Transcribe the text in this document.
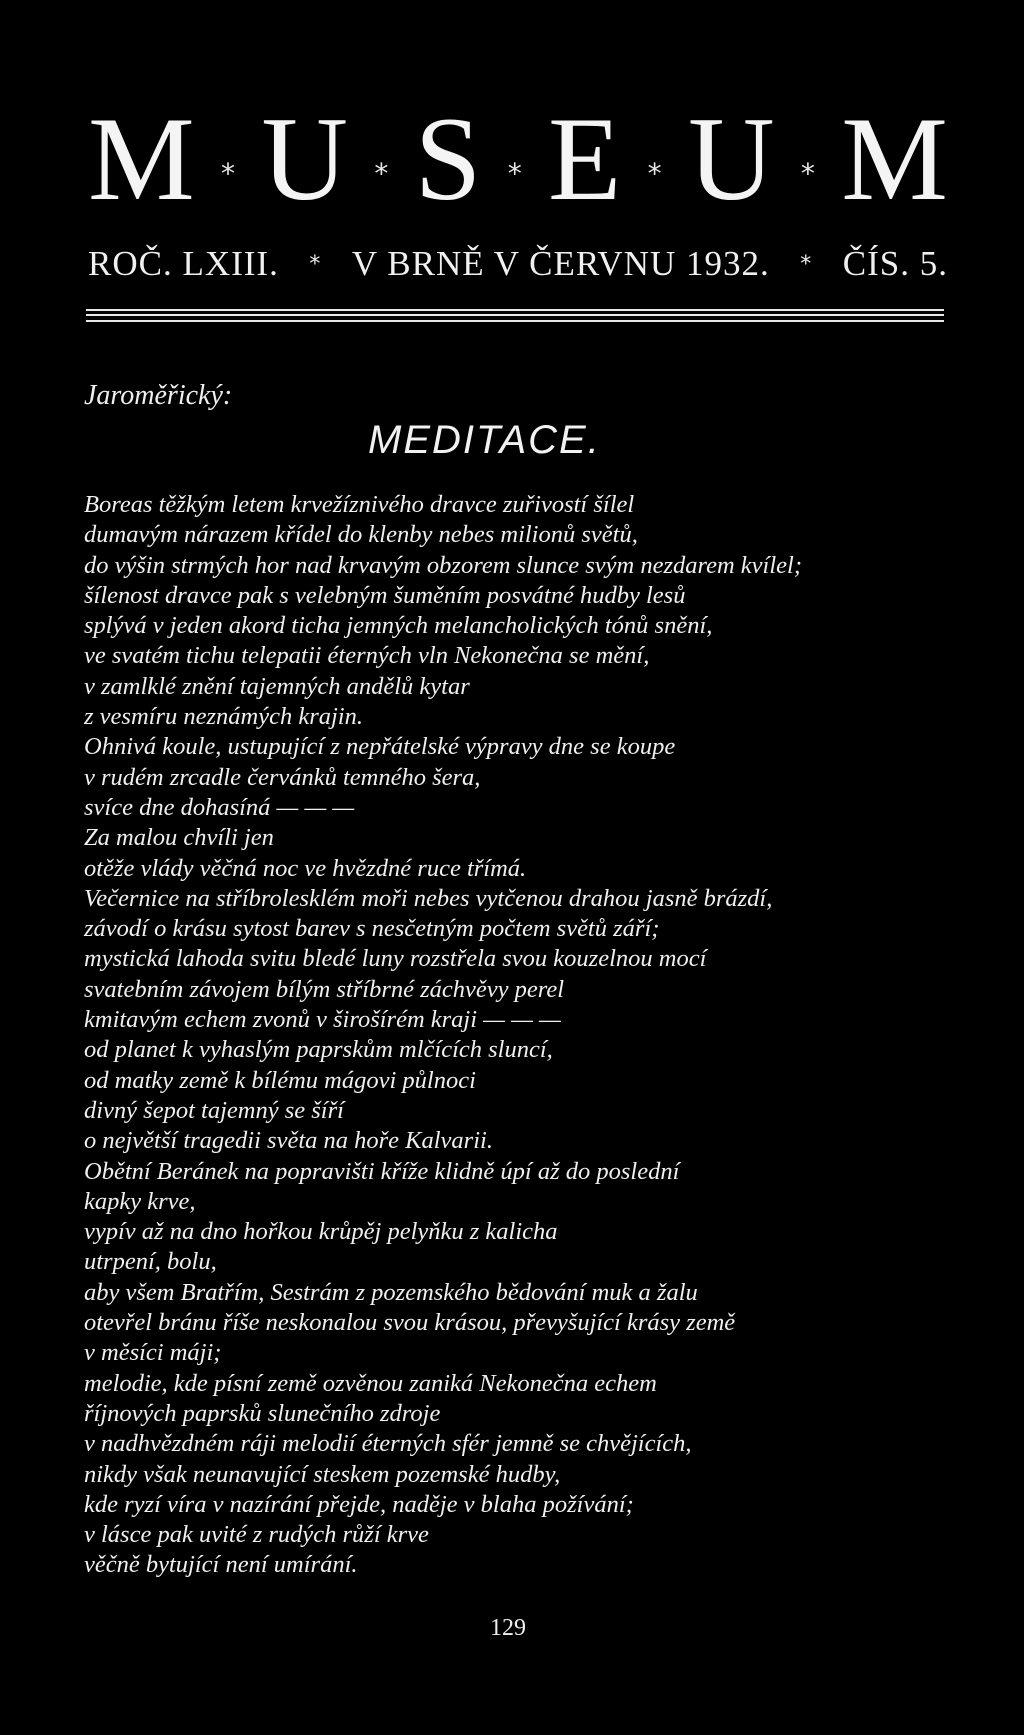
M * U * S * E * U * M
ROČ. LXIII. * V BRNĚ V ČERVNU 1932. * ČÍS. 5.
Jaroměřický:
MEDITACE.
Boreas těžkým letem krvežíznivého dravce zuřivostí šílel
dumavým nárazem křídel do klenby nebes milionů světů,
do výšin strmých hor nad krvavým obzorem slunce svým nezdarem kvílel;
šílenost dravce pak s velebným šuměním posvátné hudby lesů
splývá v jeden akord ticha jemných melancholických tónů snění,
ve svatém tichu telepatii éterných vln Nekonečna se mění,
v zamlklé znění tajemných andělů kytar
z vesmíru neznámých krajin.
Ohnivá koule, ustupující z nepřátelské výpravy dne se koupe
v rudém zrcadle červánků temného šera,
svíce dne dohasíná — — —
Za malou chvíli jen
otěže vlády věčná noc ve hvězdné ruce třímá.
Večernice na stříbrolesklém moři nebes vytčenou drahou jasně brázdí,
závodí o krásu sytost barev s nesčetným počtem světů září;
mystická lahoda svitu bledé luny rozstřela svou kouzelnou mocí
svatebním závojem bílým stříbrné záchvěvy perel
kmitavým echem zvonů v širošírém kraji — — —
od planet k vyhaslým paprskům mlčících sluncí,
od matky země k bílému mágovi půlnoci
divný šepot tajemný se šíří
o největší tragedii světa na hoře Kalvarii.
Obětní Beránek na popravišti kříže klidně úpí až do poslední
kapky krve,
vypív až na dno hořkou krůpěj pelyňku z kalicha
utrpení, bolu,
aby všem Bratřím, Sestrám z pozemského bědování muk a žalu
otevřel bránu říše neskonalou svou krásou, převyšující krásy země
v měsíci máji;
melodie, kde písní země ozvěnou zaniká Nekonečna echem
říjnových paprsků slunečního zdroje
v nadhvězdném ráji melodií éterných sfér jemně se chvějících,
nikdy však neunavující steskem pozemské hudby,
kde ryzí víra v nazírání přejde, naděje v blaha požívání;
v lásce pak uvité z rudých růží krve
věčně bytující není umírání.
129
